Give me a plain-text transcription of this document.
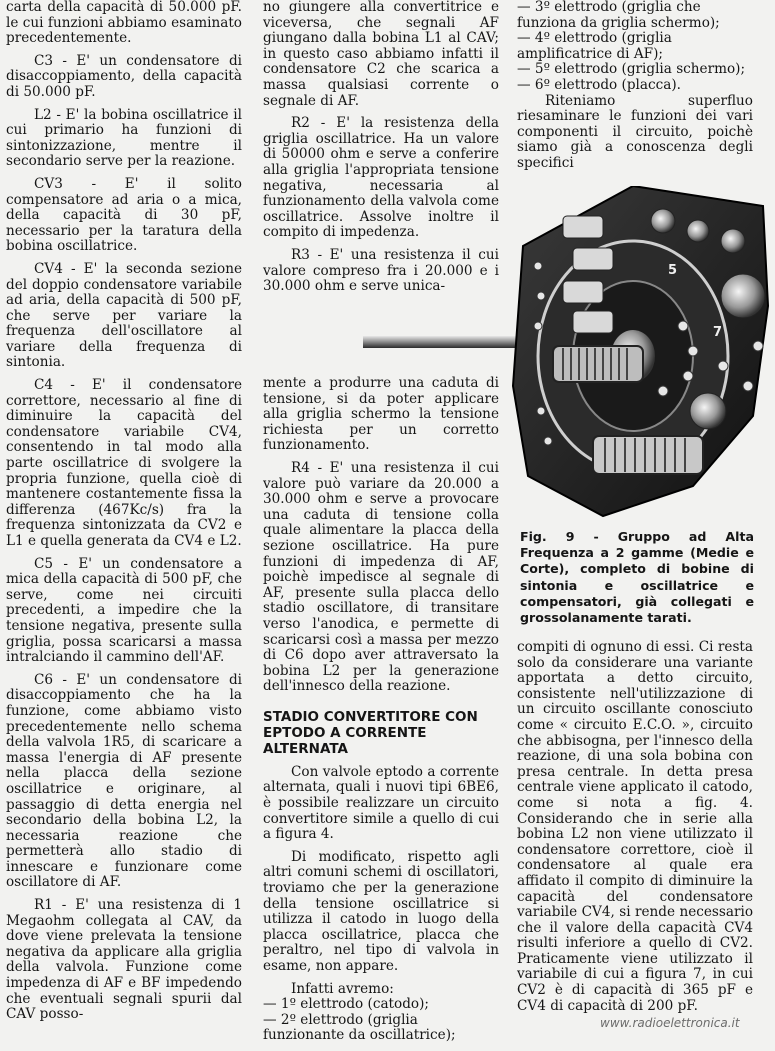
carta della capacità di 50.000 pF. le cui funzioni abbiamo esaminato precedentemente.

C3 - E' un condensatore di disaccoppiamento, della capacità di 50.000 pF.

L2 - E' la bobina oscillatrice il cui primario ha funzioni di sintonizzazione, mentre il secondario serve per la reazione.

CV3 - E' il solito compensatore ad aria o a mica, della capacità di 30 pF, necessario per la taratura della bobina oscillatrice.

CV4 - E' la seconda sezione del doppio condensatore variabile ad aria, della capacità di 500 pF, che serve per variare la frequenza dell'oscillatore al variare della frequenza di sintonia.

C4 - E' il condensatore correttore, necessario al fine di diminuire la capacità del condensatore variabile CV4, consentendo in tal modo alla parte oscillatrice di svolgere la propria funzione, quella cioè di mantenere costantemente fissa la differenza (467Kc/s) fra la frequenza sintonizzata da CV2 e L1 e quella generata da CV4 e L2.

C5 - E' un condensatore a mica della capacità di 500 pF, che serve, come nei circuiti precedenti, a impedire che la tensione negativa, presente sulla griglia, possa scaricarsi a massa intralciando il cammino dell'AF.

C6 - E' un condensatore di disaccoppiamento che ha la funzione, come abbiamo visto precedentemente nello schema della valvola 1R5, di scaricare a massa l'energia di AF presente nella placca della sezione oscillatrice e originare, al passaggio di detta energia nel secondario della bobina L2, la necessaria reazione che permetterà allo stadio di innescare e funzionare come oscillatore di AF.

R1 - E' una resistenza di 1 Megaohm collegata al CAV, da dove viene prelevata la tensione negativa da applicare alla griglia della valvola. Funzione come impedenza di AF e BF impedendo che eventuali segnali spurii dal CAV posso-

no giungere alla convertitrice e viceversa, che segnali AF giungano dalla bobina L1 al CAV; in questo caso abbiamo infatti il condensatore C2 che scarica a massa qualsiasi corrente o segnale di AF.

R2 - E' la resistenza della griglia oscillatrice. Ha un valore di 50000 ohm e serve a conferire alla griglia l'appropriata tensione negativa, necessaria al funzionamento della valvola come oscillatrice. Assolve inoltre il compito di impedenza.

R3 - E' una resistenza il cui valore compreso fra i 20.000 e i 30.000 ohm e serve unica-

mente a produrre una caduta di tensione, si da poter applicare alla griglia schermo la tensione richiesta per un corretto funzionamento.

R4 - E' una resistenza il cui valore può variare da 20.000 a 30.000 ohm e serve a provocare una caduta di tensione colla quale alimentare la placca della sezione oscillatrice. Ha pure funzioni di impedenza di AF, poichè impedisce al segnale di AF, presente sulla placca dello stadio oscillatore, di transitare verso l'anodica, e permette di scaricarsi così a massa per mezzo di C6 dopo aver attraversato la bobina L2 per la generazione dell'innesco della reazione.

STADIO CONVERTITORE CON EPTODO A CORRENTE ALTERNATA

Con valvole eptodo a corrente alternata, quali i nuovi tipi 6BE6, è possibile realizzare un circuito convertitore simile a quello di cui a figura 4.

Di modificato, rispetto agli altri comuni schemi di oscillatori, troviamo che per la generazione della tensione oscillatrice si utilizza il catodo in luogo della placca oscillatrice, placca che peraltro, nel tipo di valvola in esame, non appare.

Infatti avremo:

— 1º elettrodo (catodo);
— 2º elettrodo (griglia funzionante da oscillatrice);
— 3º elettrodo (griglia che funziona da griglia schermo);
— 4º elettrodo (griglia amplificatrice di AF);
— 5º elettrodo (griglia schermo);
— 6º elettrodo (placca).

Riteniamo superfluo riesaminare le funzioni dei vari componenti il circuito, poichè siamo già a conoscenza degli specifici

5
7
Fig. 9 - Gruppo ad Alta Frequenza a 2 gamme (Medie e Corte), completo di bobine di sintonia e oscillatrice e compensatori, già collegati e grossolanamente tarati.

compiti di ognuno di essi. Ci resta solo da considerare una variante apportata a detto circuito, consistente nell'utilizzazione di un circuito oscillante conosciuto come « circuito E.C.O. », circuito che abbisogna, per l'innesco della reazione, di una sola bobina con presa centrale. In detta presa centrale viene applicato il catodo, come si nota a fig. 4. Considerando che in serie alla bobina L2 non viene utilizzato il condensatore correttore, cioè il condensatore al quale era affidato il compito di diminuire la capacità del condensatore variabile CV4, si rende necessario che il valore della capacità CV4 risulti inferiore a quello di CV2. Praticamente viene utilizzato il variabile di cui a figura 7, in cui CV2 è di capacità di 365 pF e CV4 di capacità di 200 pF.

www.radioelettronica.it
